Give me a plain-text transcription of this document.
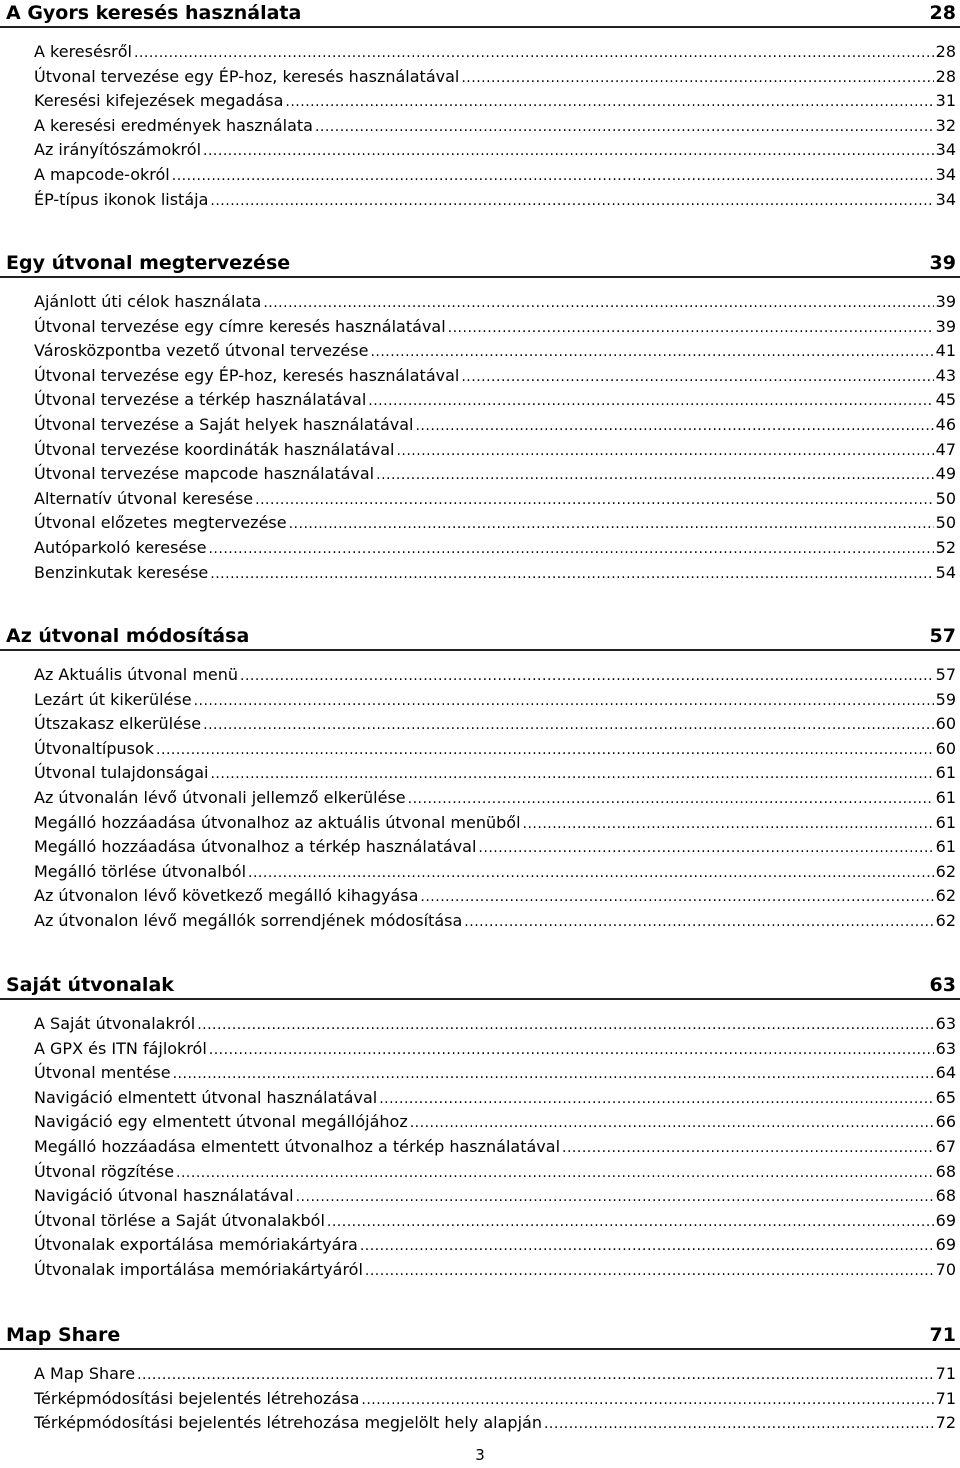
A Gyors keresés használata	28
A keresésről .....	28
Útvonal tervezése egy ÉP-hoz, keresés használatával .....	28
Keresési kifejezések megadása .....	31
A keresési eredmények használata .....	32
Az irányítószámokról .....	34
A mapcode-okról .....	34
ÉP-típus ikonok listája .....	34
Egy útvonal megtervezése	39
Ajánlott úti célok használata .....	39
Útvonal tervezése egy címre keresés használatával .....	39
Városközpontba vezető útvonal tervezése .....	41
Útvonal tervezése egy ÉP-hoz, keresés használatával .....	43
Útvonal tervezése a térkép használatával .....	45
Útvonal tervezése a Saját helyek használatával .....	46
Útvonal tervezése koordináták használatával .....	47
Útvonal tervezése mapcode használatával .....	49
Alternatív útvonal keresése .....	50
Útvonal előzetes megtervezése .....	50
Autóparkoló keresése .....	52
Benzinkutak keresése .....	54
Az útvonal módosítása	57
Az Aktuális útvonal menü .....	57
Lezárt út kikerülése .....	59
Útszakasz elkerülése .....	60
Útvonaltípusok .....	60
Útvonal tulajdonságai .....	61
Az útvonalán lévő útvonali jellemző elkerülése .....	61
Megálló hozzáadása útvonalhoz az aktuális útvonal menüből .....	61
Megálló hozzáadása útvonalhoz a térkép használatával .....	61
Megálló törlése útvonalból .....	62
Az útvonalon lévő következő megálló kihagyása .....	62
Az útvonalon lévő megállók sorrendjének módosítása .....	62
Saját útvonalak	63
A Saját útvonalakról .....	63
A GPX és ITN fájlokról .....	63
Útvonal mentése .....	64
Navigáció elmentett útvonal használatával .....	65
Navigáció egy elmentett útvonal megállójához .....	66
Megálló hozzáadása elmentett útvonalhoz a térkép használatával .....	67
Útvonal rögzítése .....	68
Navigáció útvonal használatával .....	68
Útvonal törlése a Saját útvonalakból .....	69
Útvonalak exportálása memóriakártyára .....	69
Útvonalak importálása memóriakártyáról .....	70
Map Share	71
A Map Share .....	71
Térképmódosítási bejelentés létrehozása .....	71
Térképmódosítási bejelentés létrehozása megjelölt hely alapján .....	72
3
